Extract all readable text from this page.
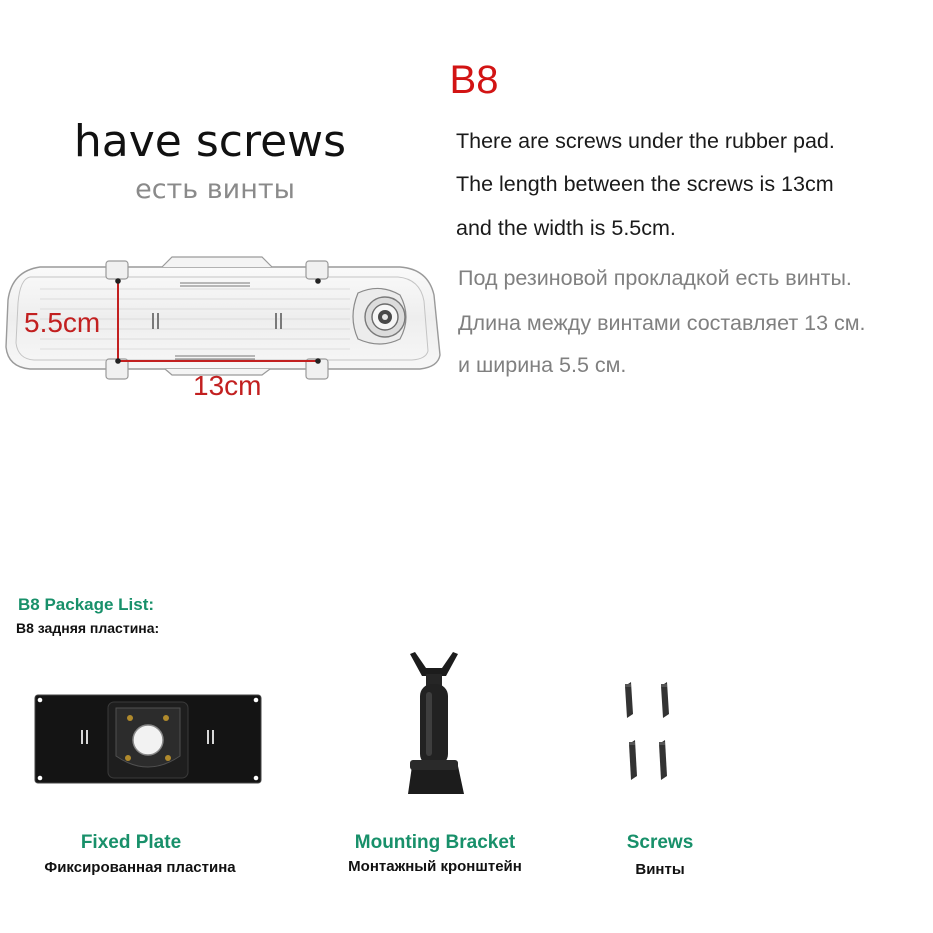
B8
have screws
есть винты
There are screws under the rubber pad.
The length between the screws is 13cm
and the width is 5.5cm.
Под резиновой прокладкой есть винты.
Длина между винтами составляет 13 см.
и ширина 5.5 см.
5.5cm
13cm
B8 Package List:
B8 задняя пластина:
Fixed Plate
Фиксированная пластина
Mounting Bracket
Монтажный кронштейн
Screws
Винты
